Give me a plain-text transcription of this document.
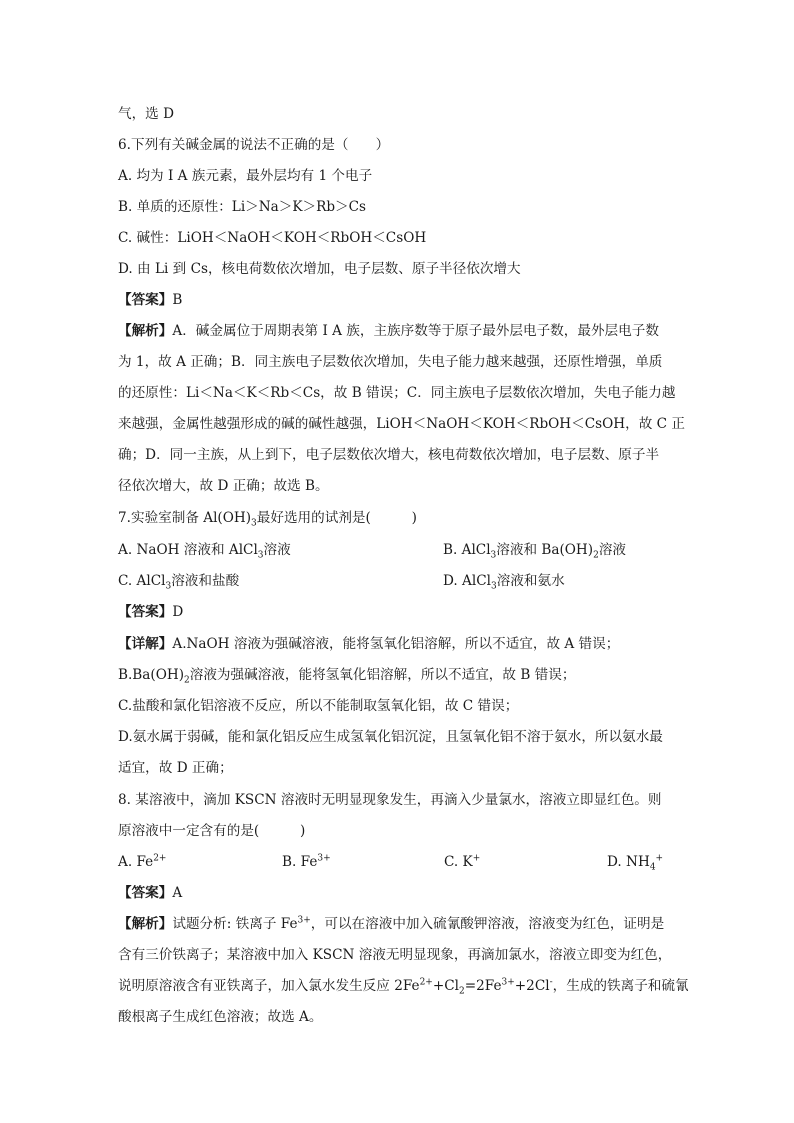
气，选 D
6.下列有关碱金属的说法不正确的是（　　）
A. 均为 I A 族元素，最外层均有 1 个电子
B. 单质的还原性：Li＞Na＞K＞Rb＞Cs
C. 碱性：LiOH＜NaOH＜KOH＜RbOH＜CsOH
D. 由 Li 到 Cs，核电荷数依次增加，电子层数、原子半径依次增大
【答案】B
【解析】A．碱金属位于周期表第 I A 族，主族序数等于原子最外层电子数，最外层电子数
为 1，故 A 正确；B．同主族电子层数依次增加，失电子能力越来越强，还原性增强，单质
的还原性：Li＜Na＜K＜Rb＜Cs，故 B 错误；C．同主族电子层数依次增加，失电子能力越
来越强，金属性越强形成的碱的碱性越强，LiOH＜NaOH＜KOH＜RbOH＜CsOH，故 C 正
确；D．同一主族，从上到下，电子层数依次增大，核电荷数依次增加，电子层数、原子半
径依次增大，故 D 正确；故选 B。
7.实验室制备 $Al(OH)_3$最好选用的试剂是(　　　)
A. NaOH 溶液和 AlCl$_3$溶液	B. AlCl$_3$溶液和 $Ba(OH)_2$溶液
C. AlCl$_3$溶液和盐酸	D. AlCl$_3$溶液和氨水
【答案】D
【详解】A.NaOH 溶液为强碱溶液，能将氢氧化铝溶解，所以不适宜，故 A 错误；
$B.Ba(OH)_2$溶液为强碱溶液，能将氢氧化铝溶解，所以不适宜，故 B 错误；
C.盐酸和氯化铝溶液不反应，所以不能制取氢氧化铝，故 C 错误；
D.氨水属于弱碱，能和氯化铝反应生成氢氧化铝沉淀，且氢氧化铝不溶于氨水，所以氨水最
适宜，故 D 正确；
8. 某溶液中，滴加 KSCN 溶液时无明显现象发生，再滴入少量氯水，溶液立即显红色。则
原溶液中一定含有的是(　　　)
A. $Fe^{2+}$	B. $Fe^{3+}$	C. K+	D. $NH_4^+$
【答案】A
【解析】试题分析: 铁离子 $Fe^{3+}$，可以在溶液中加入硫氰酸钾溶液，溶液变为红色，证明是
含有三价铁离子；某溶液中加入 KSCN 溶液无明显现象，再滴加氯水，溶液立即变为红色，
说明原溶液含有亚铁离子，加入氯水发生反应 $2Fe^{2+}+Cl_2=2Fe^{3+}+2Cl^-$，生成的铁离子和硫氰
酸根离子生成红色溶液；故选 A。
